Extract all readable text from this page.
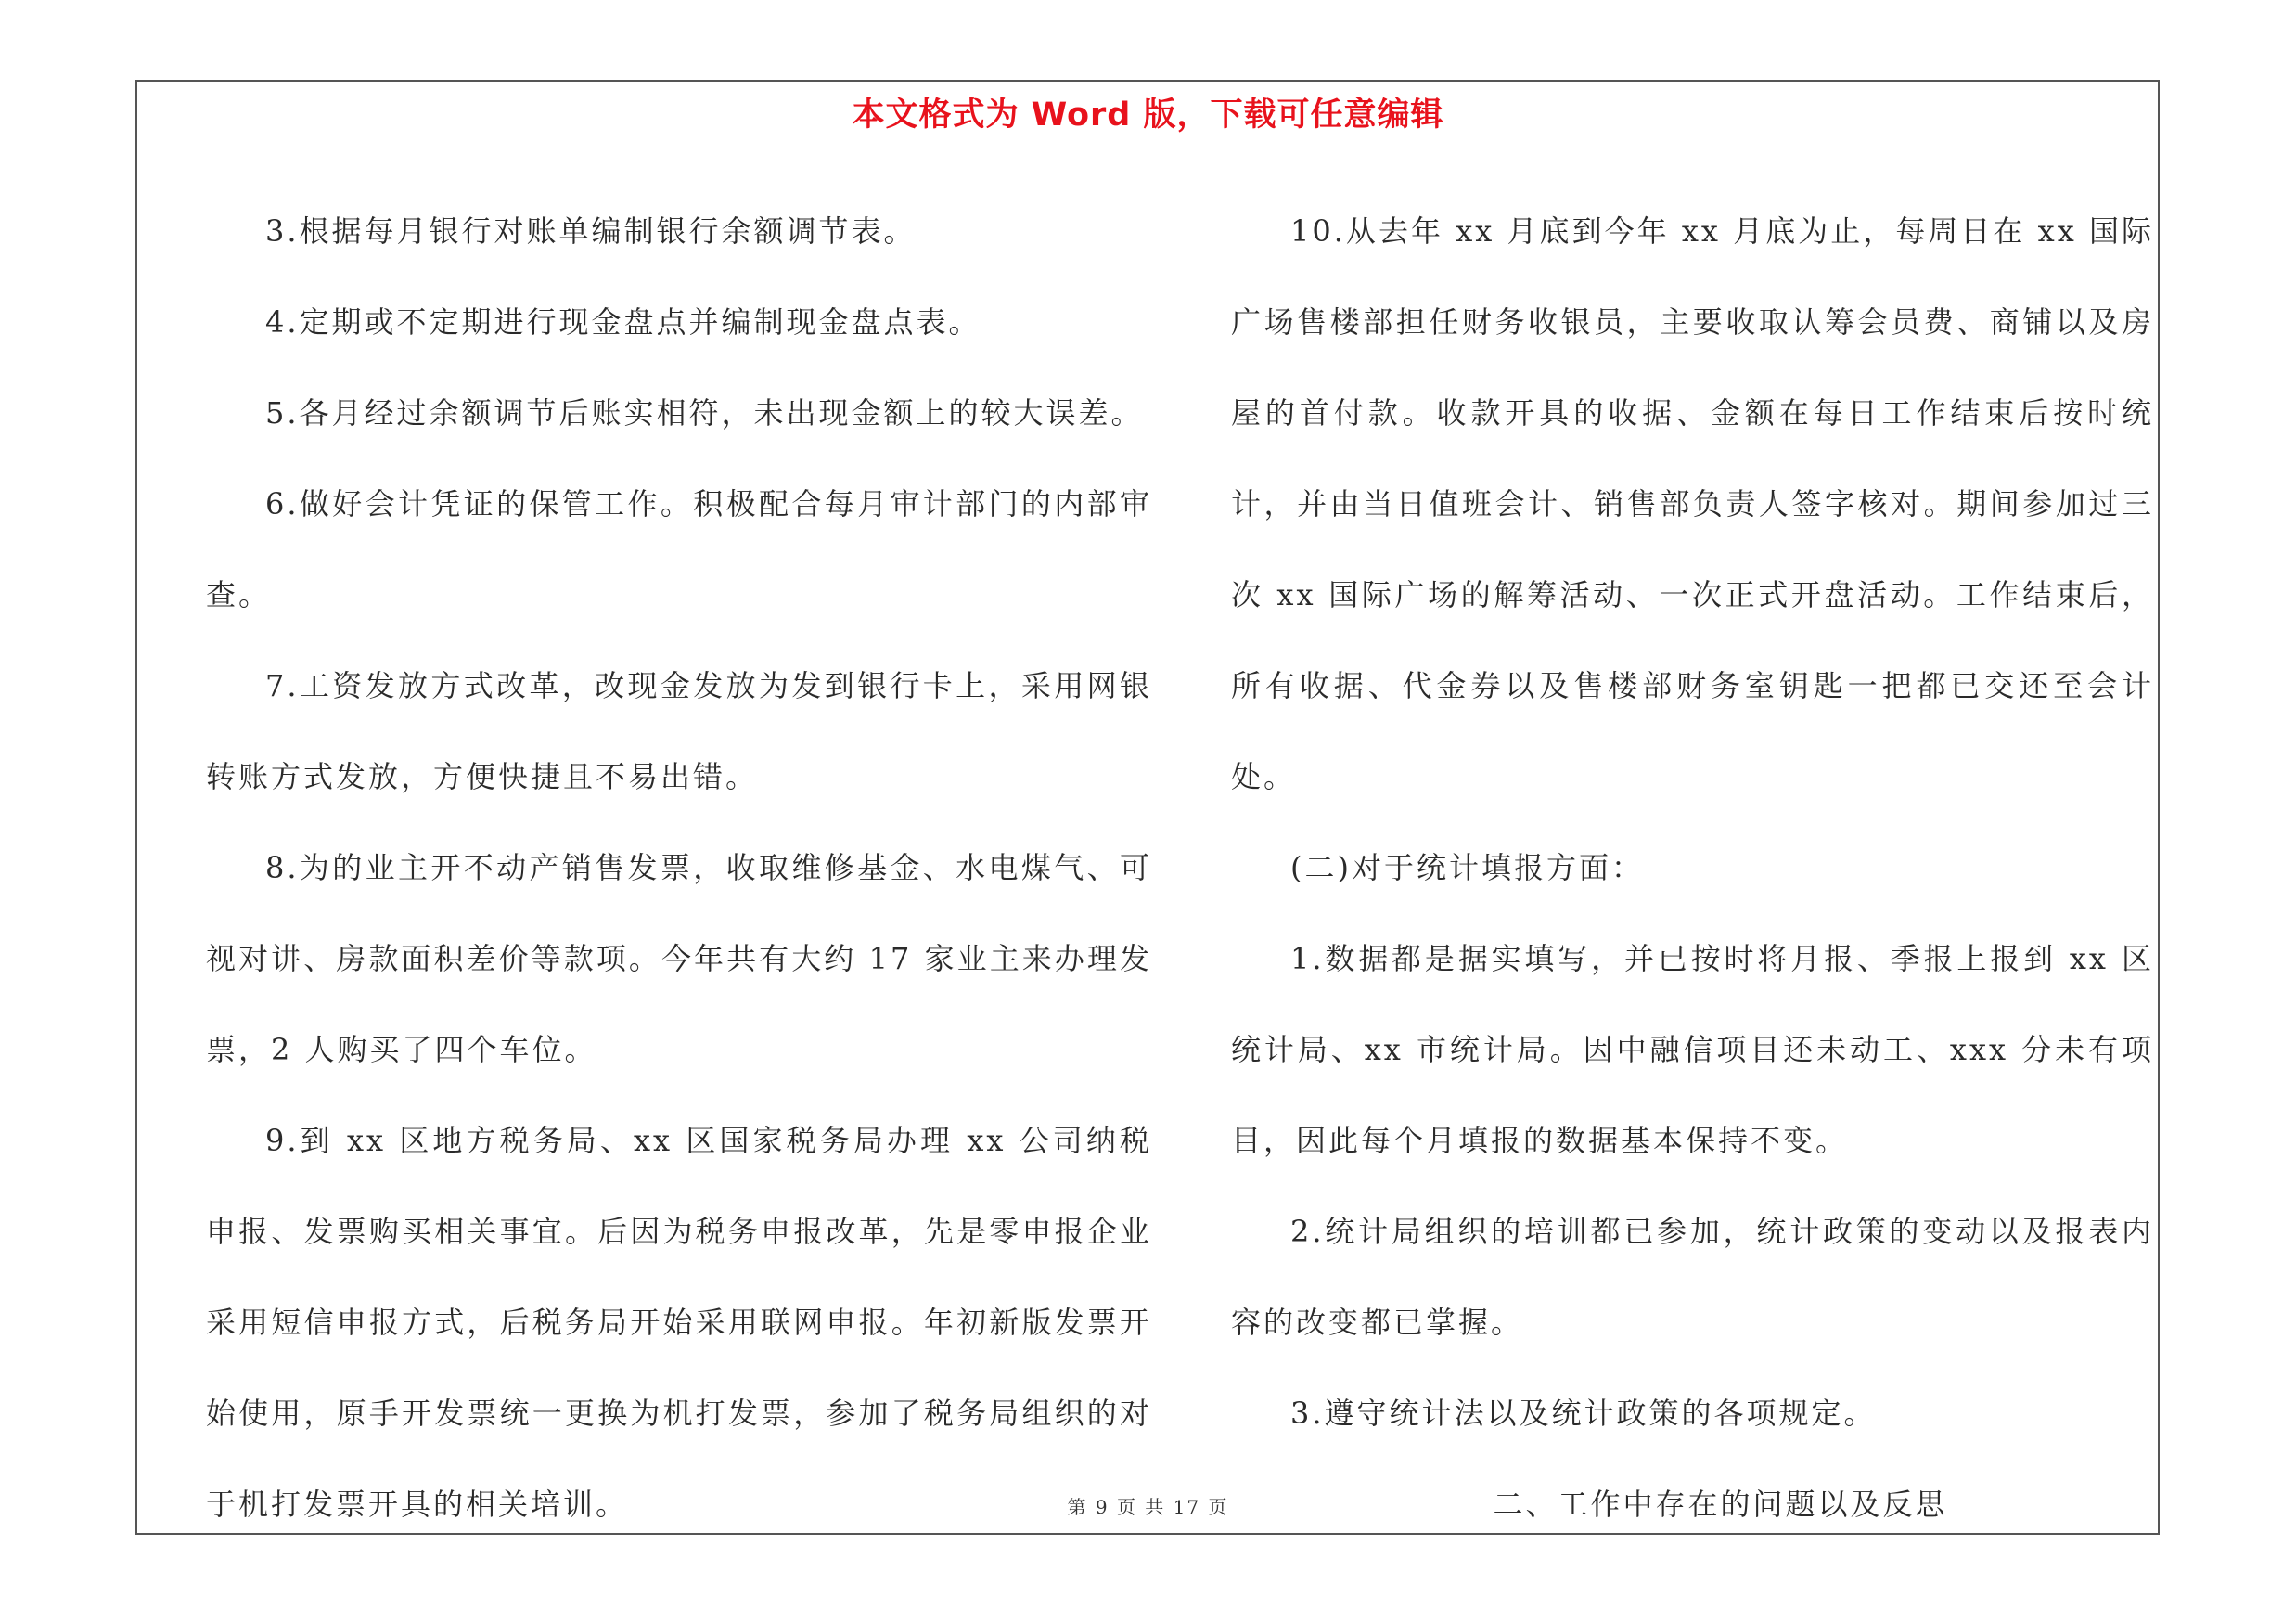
本文格式为 Word 版，下载可任意编辑

3.根据每月银行对账单编制银行余额调节表。

4.定期或不定期进行现金盘点并编制现金盘点表。

5.各月经过余额调节后账实相符，未出现金额上的较大误差。

6.做好会计凭证的保管工作。积极配合每月审计部门的内部审查。

7.工资发放方式改革，改现金发放为发到银行卡上，采用网银转账方式发放，方便快捷且不易出错。

8.为的业主开不动产销售发票，收取维修基金、水电煤气、可视对讲、房款面积差价等款项。今年共有大约 17 家业主来办理发票，2 人购买了四个车位。

9.到 xx 区地方税务局、xx 区国家税务局办理 xx 公司纳税申报、发票购买相关事宜。后因为税务申报改革，先是零申报企业采用短信申报方式，后税务局开始采用联网申报。年初新版发票开始使用，原手开发票统一更换为机打发票，参加了税务局组织的对于机打发票开具的相关培训。

10.从去年 xx 月底到今年 xx 月底为止，每周日在 xx 国际广场售楼部担任财务收银员，主要收取认筹会员费、商铺以及房屋的首付款。收款开具的收据、金额在每日工作结束后按时统计，并由当日值班会计、销售部负责人签字核对。期间参加过三次 xx 国际广场的解筹活动、一次正式开盘活动。工作结束后，所有收据、代金券以及售楼部财务室钥匙一把都已交还至会计处。

(二)对于统计填报方面：

1.数据都是据实填写，并已按时将月报、季报上报到 xx 区统计局、xx 市统计局。因中融信项目还未动工、xxx 分未有项目，因此每个月填报的数据基本保持不变。

2.统计局组织的培训都已参加，统计政策的变动以及报表内容的改变都已掌握。

3.遵守统计法以及统计政策的各项规定。

二、工作中存在的问题以及反思

第 9 页 共 17 页
